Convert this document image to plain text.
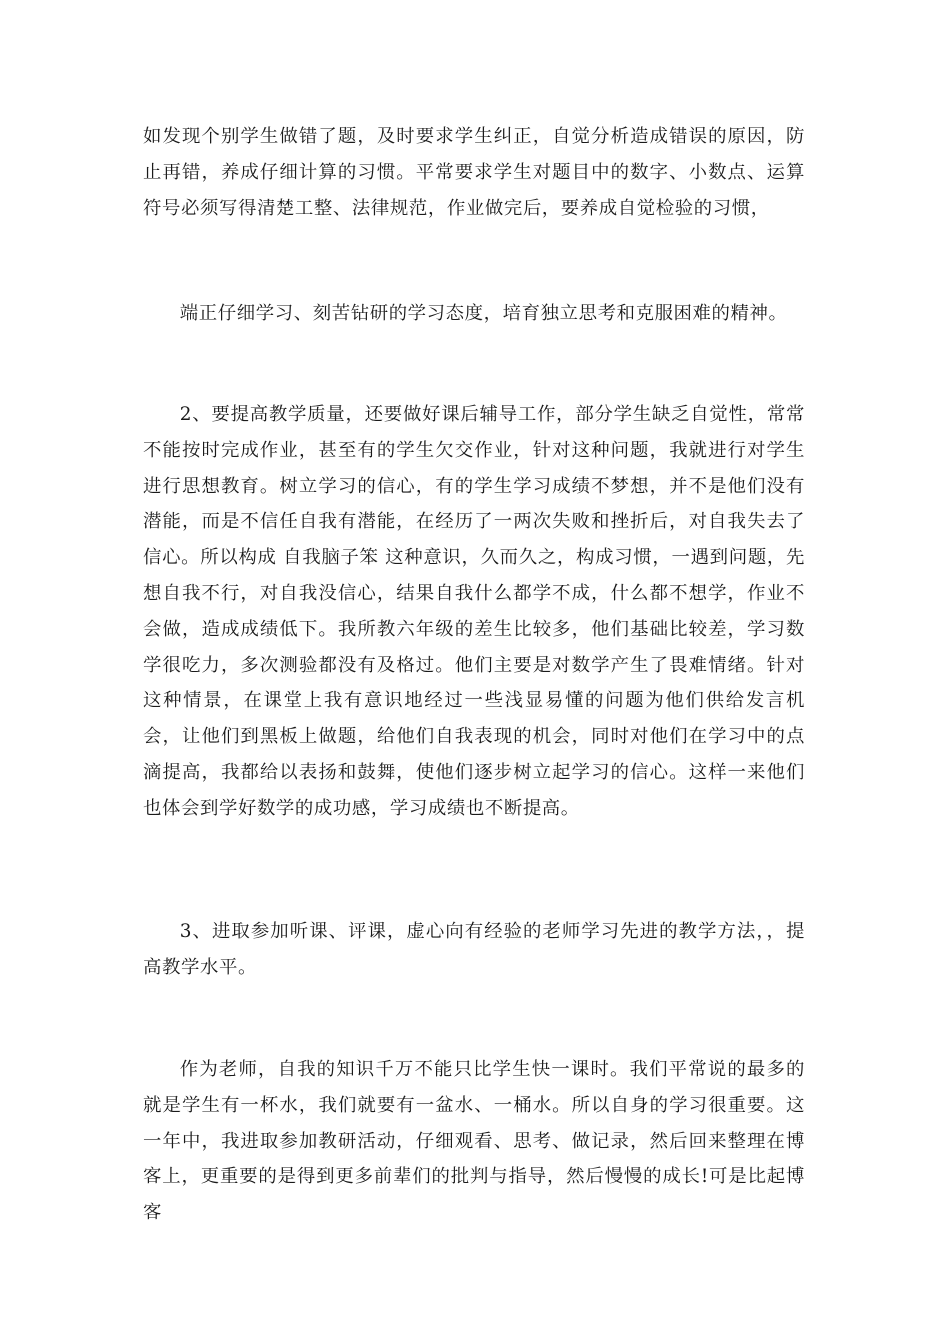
如发现个别学生做错了题，及时要求学生纠正，自觉分析造成错误的原因，防止再错，养成仔细计算的习惯。平常要求学生对题目中的数字、小数点、运算符号必须写得清楚工整、法律规范，作业做完后，要养成自觉检验的习惯，

端正仔细学习、刻苦钻研的学习态度，培育独立思考和克服困难的精神。

2、要提高教学质量，还要做好课后辅导工作，部分学生缺乏自觉性，常常不能按时完成作业，甚至有的学生欠交作业，针对这种问题，我就进行对学生进行思想教育。树立学习的信心，有的学生学习成绩不梦想，并不是他们没有潜能，而是不信任自我有潜能，在经历了一两次失败和挫折后，对自我失去了信心。所以构成 自我脑子笨 这种意识，久而久之，构成习惯，一遇到问题，先想自我不行，对自我没信心，结果自我什么都学不成，什么都不想学，作业不会做，造成成绩低下。我所教六年级的差生比较多，他们基础比较差，学习数学很吃力，多次测验都没有及格过。他们主要是对数学产生了畏难情绪。针对这种情景，在课堂上我有意识地经过一些浅显易懂的问题为他们供给发言机会，让他们到黑板上做题，给他们自我表现的机会，同时对他们在学习中的点滴提高，我都给以表扬和鼓舞，使他们逐步树立起学习的信心。这样一来他们也体会到学好数学的成功感，学习成绩也不断提高。

3、进取参加听课、评课，虚心向有经验的老师学习先进的教学方法，，提高教学水平。

作为老师，自我的知识千万不能只比学生快一课时。我们平常说的最多的就是学生有一杯水，我们就要有一盆水、一桶水。所以自身的学习很重要。这一年中，我进取参加教研活动，仔细观看、思考、做记录，然后回来整理在博客上，更重要的是得到更多前辈们的批判与指导，然后慢慢的成长!可是比起博客
